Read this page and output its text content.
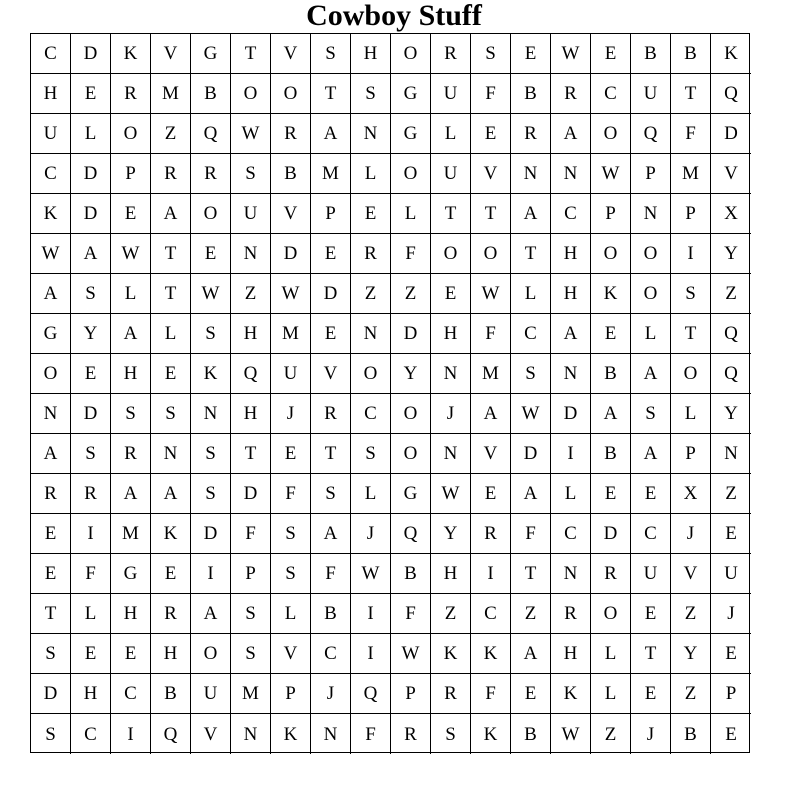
Cowboy Stuff
C	D	K	V	G	T	V	S	H	O	R	S	E	W	E	B	B	K
H	E	R	M	B	O	O	T	S	G	U	F	B	R	C	U	T	Q
U	L	O	Z	Q	W	R	A	N	G	L	E	R	A	O	Q	F	D
C	D	P	R	R	S	B	M	L	O	U	V	N	N	W	P	M	V
K	D	E	A	O	U	V	P	E	L	T	T	A	C	P	N	P	X
W	A	W	T	E	N	D	E	R	F	O	O	T	H	O	O	I	Y
A	S	L	T	W	Z	W	D	Z	Z	E	W	L	H	K	O	S	Z
G	Y	A	L	S	H	M	E	N	D	H	F	C	A	E	L	T	Q
O	E	H	E	K	Q	U	V	O	Y	N	M	S	N	B	A	O	Q
N	D	S	S	N	H	J	R	C	O	J	A	W	D	A	S	L	Y
A	S	R	N	S	T	E	T	S	O	N	V	D	I	B	A	P	N
R	R	A	A	S	D	F	S	L	G	W	E	A	L	E	E	X	Z
E	I	M	K	D	F	S	A	J	Q	Y	R	F	C	D	C	J	E
E	F	G	E	I	P	S	F	W	B	H	I	T	N	R	U	V	U
T	L	H	R	A	S	L	B	I	F	Z	C	Z	R	O	E	Z	J
S	E	E	H	O	S	V	C	I	W	K	K	A	H	L	T	Y	E
D	H	C	B	U	M	P	J	Q	P	R	F	E	K	L	E	Z	P
S	C	I	Q	V	N	K	N	F	R	S	K	B	W	Z	J	B	E
